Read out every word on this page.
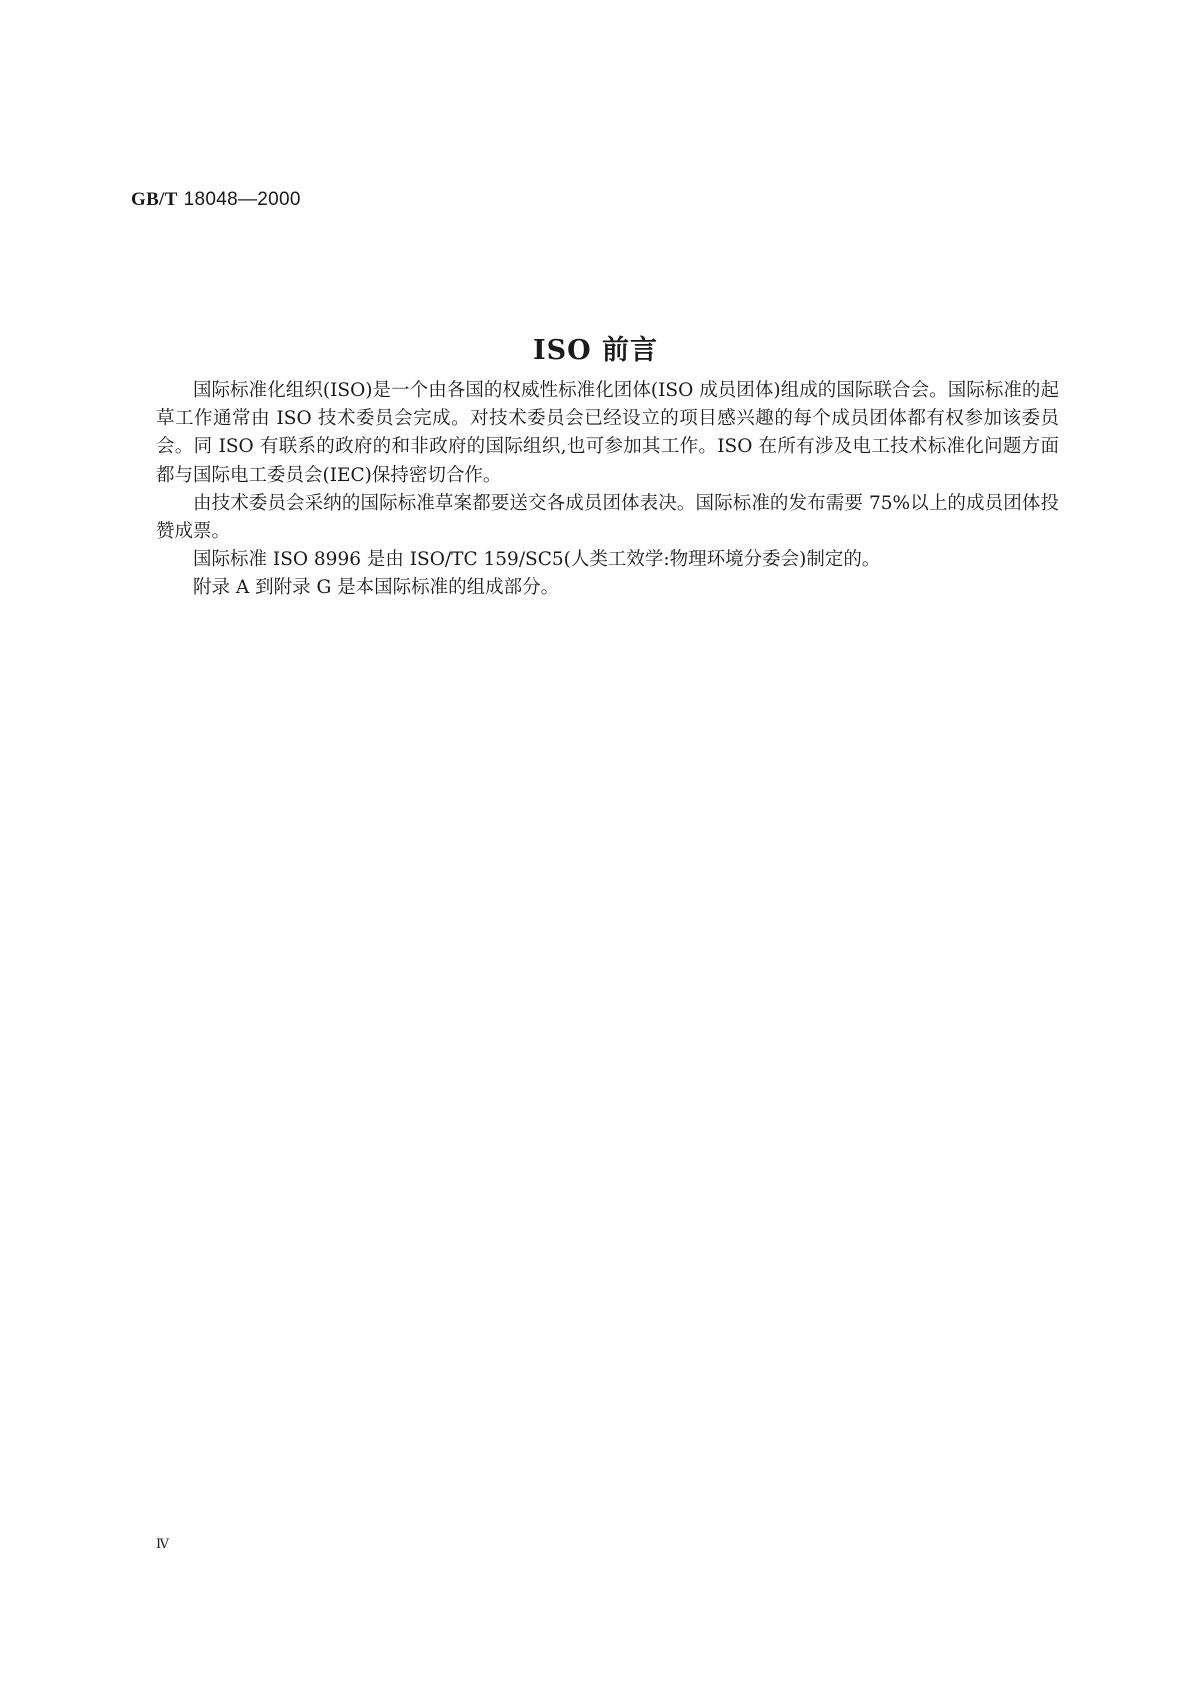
GB/T 18048—2000
ISO 前言

国际标准化组织(ISO)是一个由各国的权威性标准化团体(ISO 成员团体)组成的国际联合会。国际标准的起草工作通常由 ISO 技术委员会完成。对技术委员会已经设立的项目感兴趣的每个成员团体都有权参加该委员会。同 ISO 有联系的政府的和非政府的国际组织,也可参加其工作。ISO 在所有涉及电工技术标准化问题方面都与国际电工委员会(IEC)保持密切合作。

由技术委员会采纳的国际标准草案都要送交各成员团体表决。国际标准的发布需要 75%以上的成员团体投赞成票。

国际标准 ISO 8996 是由 ISO/TC 159/SC5(人类工效学:物理环境分委会)制定的。

附录 A 到附录 G 是本国际标准的组成部分。

Ⅳ
